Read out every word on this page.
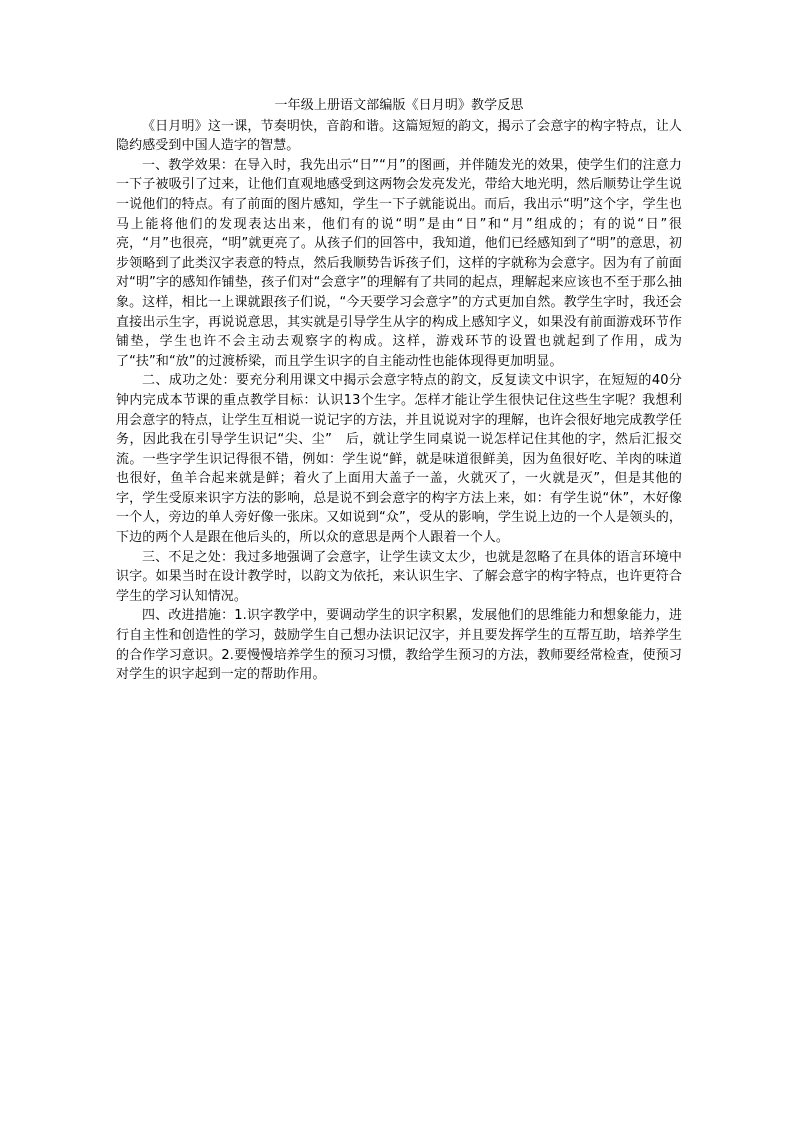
一年级上册语文部编版《日月明》教学反思

《日月明》这一课，节奏明快，音韵和谐。这篇短短的韵文，揭示了会意字的构字特点，让人隐约感受到中国人造字的智慧。

一、教学效果：在导入时，我先出示“日”“月”的图画，并伴随发光的效果，使学生们的注意力一下子被吸引了过来，让他们直观地感受到这两物会发亮发光，带给大地光明，然后顺势让学生说一说他们的特点。有了前面的图片感知，学生一下子就能说出。而后，我出示“明”这个字，学生也马上能将他们的发现表达出来，他们有的说“明”是由“日”和“月”组成的；有的说“日”很亮，“月”也很亮，“明”就更亮了。从孩子们的回答中，我知道，他们已经感知到了“明”的意思，初步领略到了此类汉字表意的特点，然后我顺势告诉孩子们，这样的字就称为会意字。因为有了前面对“明”字的感知作铺垫，孩子们对“会意字”的理解有了共同的起点，理解起来应该也不至于那么抽象。这样，相比一上课就跟孩子们说，“今天要学习会意字”的方式更加自然。教学生字时，我还会直接出示生字，再说说意思，其实就是引导学生从字的构成上感知字义，如果没有前面游戏环节作铺垫，学生也许不会主动去观察字的构成。这样，游戏环节的设置也就起到了作用，成为了“扶”和“放”的过渡桥梁，而且学生识字的自主能动性也能体现得更加明显。

二、成功之处：要充分利用课文中揭示会意字特点的韵文，反复读文中识字，在短短的40分钟内完成本节课的重点教学目标：认识13个生字。怎样才能让学生很快记住这些生字呢？我想利用会意字的特点，让学生互相说一说记字的方法，并且说说对字的理解，也许会很好地完成教学任务，因此我在引导学生识记“尖、尘”　后，就让学生同桌说一说怎样记住其他的字，然后汇报交流。一些字学生识记得很不错，例如：学生说“鲜，就是味道很鲜美，因为鱼很好吃、羊肉的味道也很好，鱼羊合起来就是鲜；着火了上面用大盖子一盖，火就灭了，一火就是灭”，但是其他的字，学生受原来识字方法的影响，总是说不到会意字的构字方法上来，如：有学生说“休”，木好像一个人，旁边的单人旁好像一张床。又如说到“众”，受从的影响，学生说上边的一个人是领头的，下边的两个人是跟在他后头的，所以众的意思是两个人跟着一个人。

三、不足之处：我过多地强调了会意字，让学生读文太少，也就是忽略了在具体的语言环境中识字。如果当时在设计教学时，以韵文为依托，来认识生字、了解会意字的构字特点，也许更符合学生的学习认知情况。

四、改进措施：1.识字教学中，要调动学生的识字积累，发展他们的思维能力和想象能力，进行自主性和创造性的学习，鼓励学生自己想办法识记汉字，并且要发挥学生的互帮互助，培养学生的合作学习意识。2.要慢慢培养学生的预习习惯，教给学生预习的方法，教师要经常检查，使预习对学生的识字起到一定的帮助作用。
